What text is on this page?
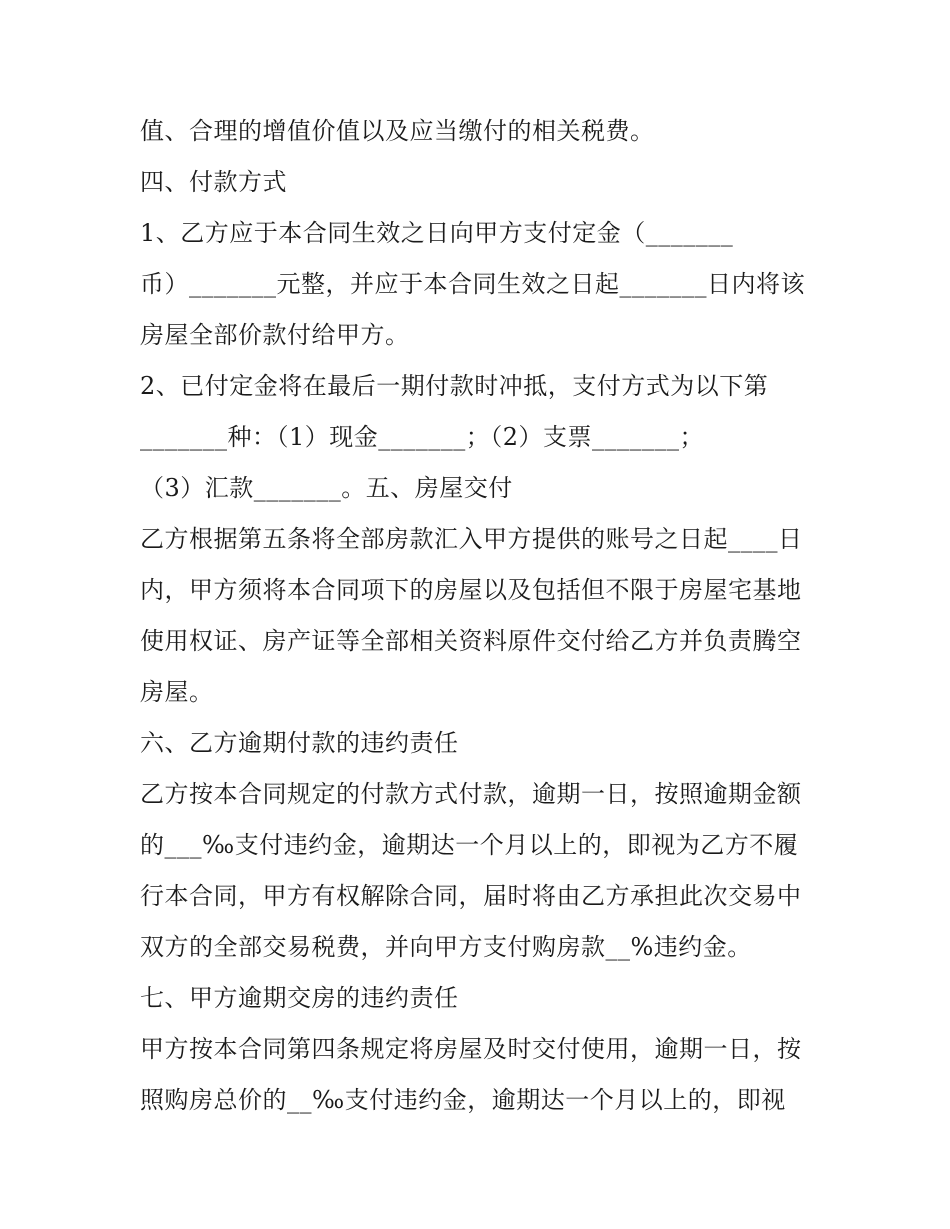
值、合理的增值价值以及应当缴付的相关税费。
四、付款方式
1、乙方应于本合同生效之日向甲方支付定金（_______
币）_______元整，并应于本合同生效之日起_______日内将该
房屋全部价款付给甲方。
2、已付定金将在最后一期付款时冲抵，支付方式为以下第
_______种：（1）现金_______；（2）支票_______；
（3）汇款_______。五、房屋交付
乙方根据第五条将全部房款汇入甲方提供的账号之日起____日
内，甲方须将本合同项下的房屋以及包括但不限于房屋宅基地
使用权证、房产证等全部相关资料原件交付给乙方并负责腾空
房屋。
六、乙方逾期付款的违约责任
乙方按本合同规定的付款方式付款，逾期一日，按照逾期金额
的___‰支付违约金，逾期达一个月以上的，即视为乙方不履
行本合同，甲方有权解除合同，届时将由乙方承担此次交易中
双方的全部交易税费，并向甲方支付购房款__%违约金。
七、甲方逾期交房的违约责任
甲方按本合同第四条规定将房屋及时交付使用，逾期一日，按
照购房总价的__‰支付违约金，逾期达一个月以上的，即视
